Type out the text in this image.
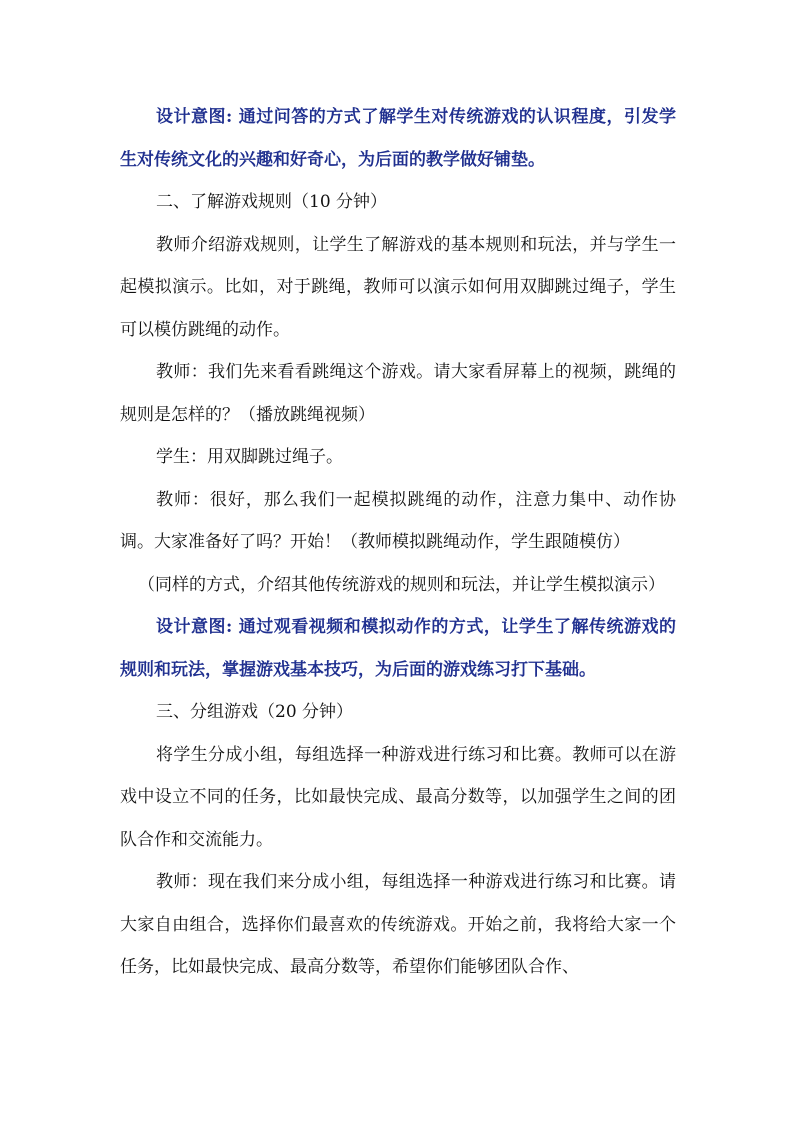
设计意图: 通过问答的方式了解学生对传统游戏的认识程度，引发学生对传统文化的兴趣和好奇心，为后面的教学做好铺垫。

二、了解游戏规则（10 分钟）

教师介绍游戏规则，让学生了解游戏的基本规则和玩法，并与学生一起模拟演示。比如，对于跳绳，教师可以演示如何用双脚跳过绳子，学生可以模仿跳绳的动作。

教师：我们先来看看跳绳这个游戏。请大家看屏幕上的视频，跳绳的规则是怎样的？（播放跳绳视频）

学生：用双脚跳过绳子。

教师：很好，那么我们一起模拟跳绳的动作，注意力集中、动作协调。大家准备好了吗？开始！（教师模拟跳绳动作，学生跟随模仿）

（同样的方式，介绍其他传统游戏的规则和玩法，并让学生模拟演示）

设计意图: 通过观看视频和模拟动作的方式，让学生了解传统游戏的规则和玩法，掌握游戏基本技巧，为后面的游戏练习打下基础。

三、分组游戏（20 分钟）

将学生分成小组，每组选择一种游戏进行练习和比赛。教师可以在游戏中设立不同的任务，比如最快完成、最高分数等，以加强学生之间的团队合作和交流能力。

教师：现在我们来分成小组，每组选择一种游戏进行练习和比赛。请大家自由组合，选择你们最喜欢的传统游戏。开始之前，我将给大家一个任务，比如最快完成、最高分数等，希望你们能够团队合作、
